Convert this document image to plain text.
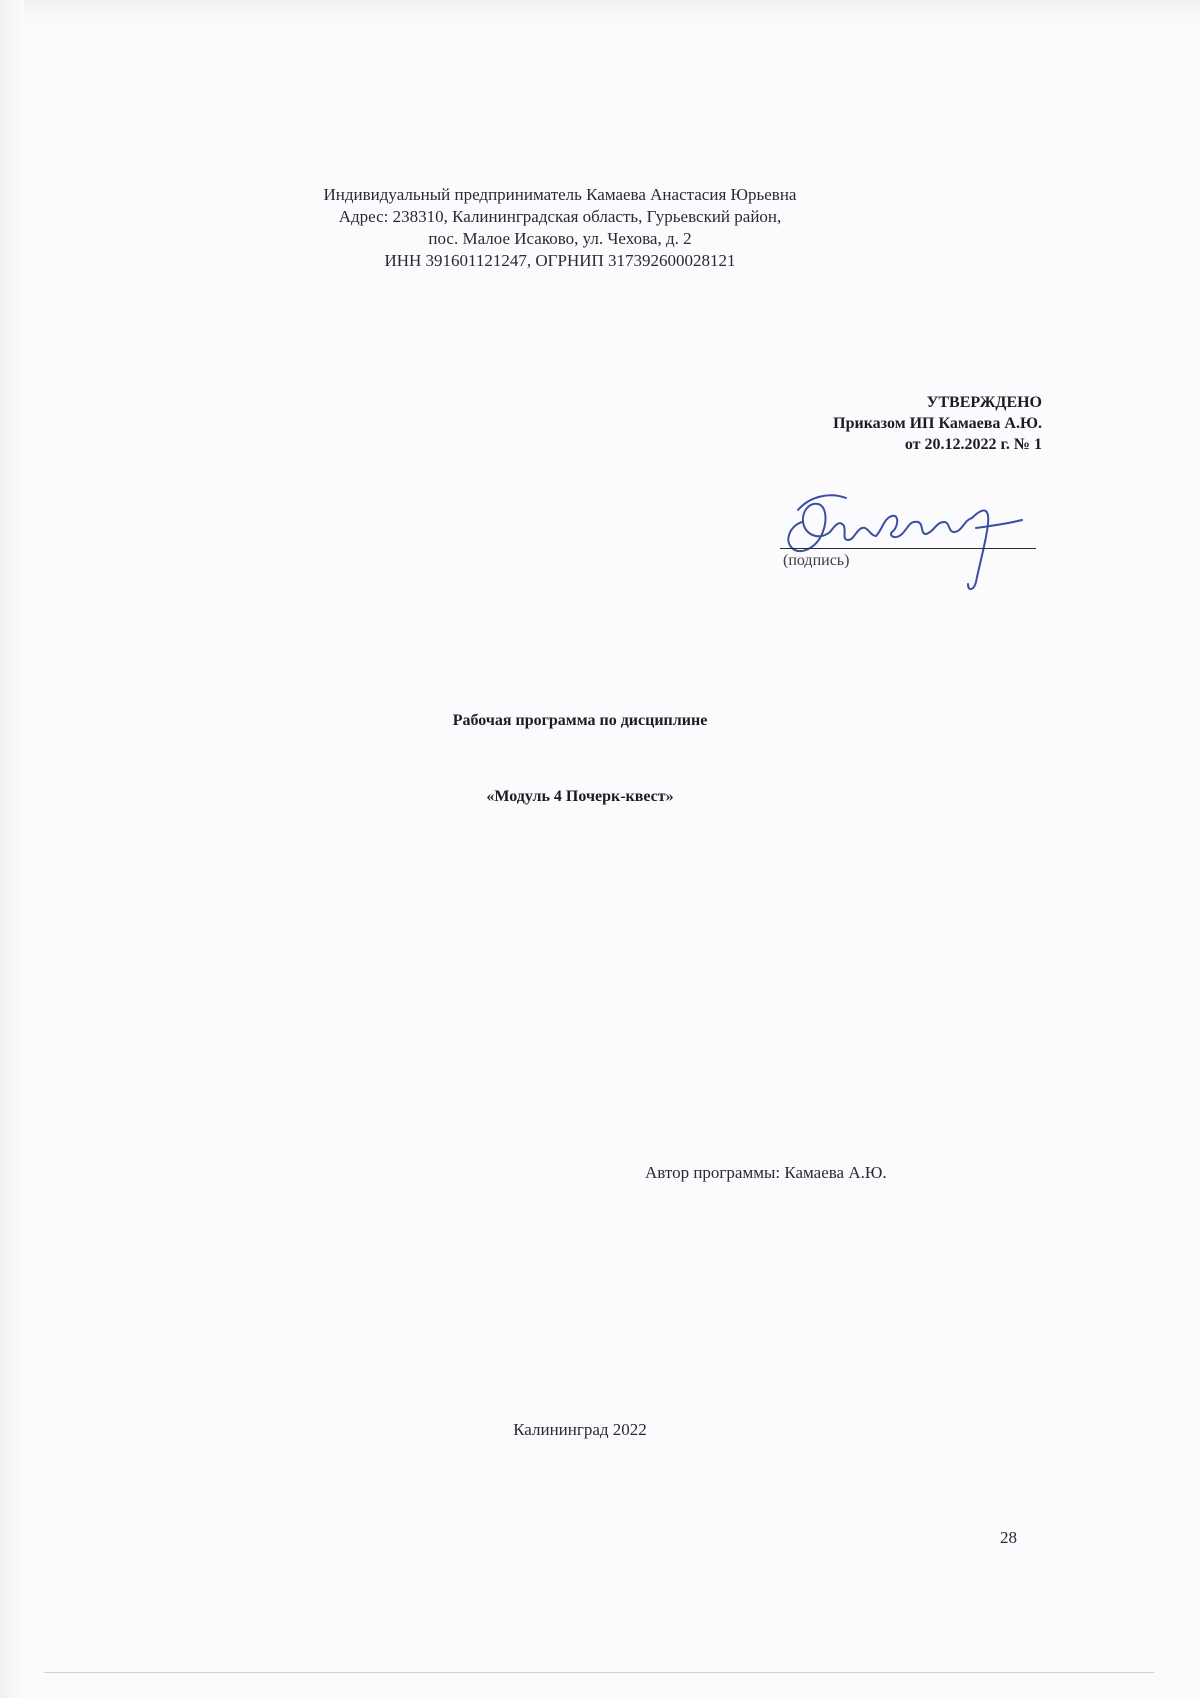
Индивидуальный предприниматель Камаева Анастасия Юрьевна
Адрес: 238310, Калининградская область, Гурьевский район,
пос. Малое Исаково, ул. Чехова, д. 2
ИНН 391601121247, ОГРНИП 317392600028121
УТВЕРЖДЕНО
Приказом ИП Камаева А.Ю.
от 20.12.2022 г. № 1
(подпись)
Рабочая программа по дисциплине
«Модуль 4 Почерк-квест»
Автор программы: Камаева А.Ю.
Калининград 2022
28
